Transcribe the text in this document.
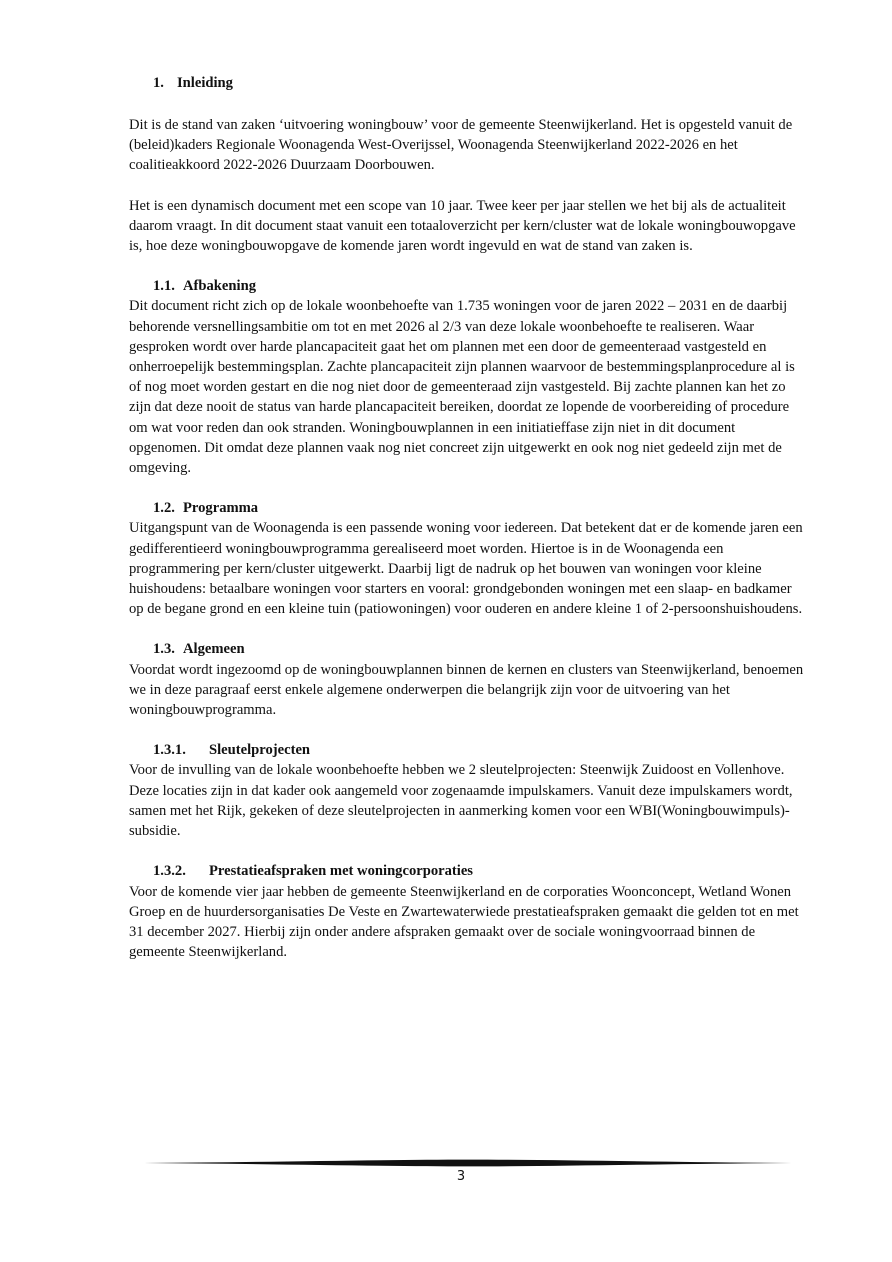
1. Inleiding

Dit is de stand van zaken ‘uitvoering woningbouw’ voor de gemeente Steenwijkerland. Het is opgesteld vanuit de (beleid)kaders Regionale Woonagenda West-Overijssel, Woonagenda Steenwijkerland 2022-2026 en het coalitieakkoord 2022-2026 Duurzaam Doorbouwen.

Het is een dynamisch document met een scope van 10 jaar. Twee keer per jaar stellen we het bij als de actualiteit daarom vraagt. In dit document staat vanuit een totaaloverzicht per kern/cluster wat de lokale woningbouwopgave is, hoe deze woningbouwopgave de komende jaren wordt ingevuld en wat de stand van zaken is.

1.1. Afbakening

Dit document richt zich op de lokale woonbehoefte van 1.735 woningen voor de jaren 2022 – 2031 en de daarbij behorende versnellingsambitie om tot en met 2026 al 2/3 van deze lokale woonbehoefte te realiseren. Waar gesproken wordt over harde plancapaciteit gaat het om plannen met een door de gemeenteraad vastgesteld en onherroepelijk bestemmingsplan. Zachte plancapaciteit zijn plannen waarvoor de bestemmingsplanprocedure al is of nog moet worden gestart en die nog niet door de gemeenteraad zijn vastgesteld. Bij zachte plannen kan het zo zijn dat deze nooit de status van harde plancapaciteit bereiken, doordat ze lopende de voorbereiding of procedure om wat voor reden dan ook stranden. Woningbouwplannen in een initiatieffase zijn niet in dit document opgenomen. Dit omdat deze plannen vaak nog niet concreet zijn uitgewerkt en ook nog niet gedeeld zijn met de omgeving.

1.2. Programma

Uitgangspunt van de Woonagenda is een passende woning voor iedereen. Dat betekent dat er de komende jaren een gedifferentieerd woningbouwprogramma gerealiseerd moet worden. Hiertoe is in de Woonagenda een programmering per kern/cluster uitgewerkt. Daarbij ligt de nadruk op het bouwen van woningen voor kleine huishoudens: betaalbare woningen voor starters en vooral: grondgebonden woningen met een slaap- en badkamer op de begane grond en een kleine tuin (patiowoningen) voor ouderen en andere kleine 1 of 2-persoonshuishoudens.

1.3. Algemeen

Voordat wordt ingezoomd op de woningbouwplannen binnen de kernen en clusters van Steenwijkerland, benoemen we in deze paragraaf eerst enkele algemene onderwerpen die belangrijk zijn voor de uitvoering van het woningbouwprogramma.

1.3.1. Sleutelprojecten

Voor de invulling van de lokale woonbehoefte hebben we 2 sleutelprojecten: Steenwijk Zuidoost en Vollenhove. Deze locaties zijn in dat kader ook aangemeld voor zogenaamde impulskamers. Vanuit deze impulskamers wordt, samen met het Rijk, gekeken of deze sleutelprojecten in aanmerking komen voor een WBI(Woningbouwimpuls)-subsidie.

1.3.2. Prestatieafspraken met woningcorporaties

Voor de komende vier jaar hebben de gemeente Steenwijkerland en de corporaties Woonconcept, Wetland Wonen Groep en de huurdersorganisaties De Veste en Zwartewaterwiede prestatieafspraken gemaakt die gelden tot en met 31 december 2027. Hierbij zijn onder andere afspraken gemaakt over de sociale woningvoorraad binnen de gemeente Steenwijkerland.

3
